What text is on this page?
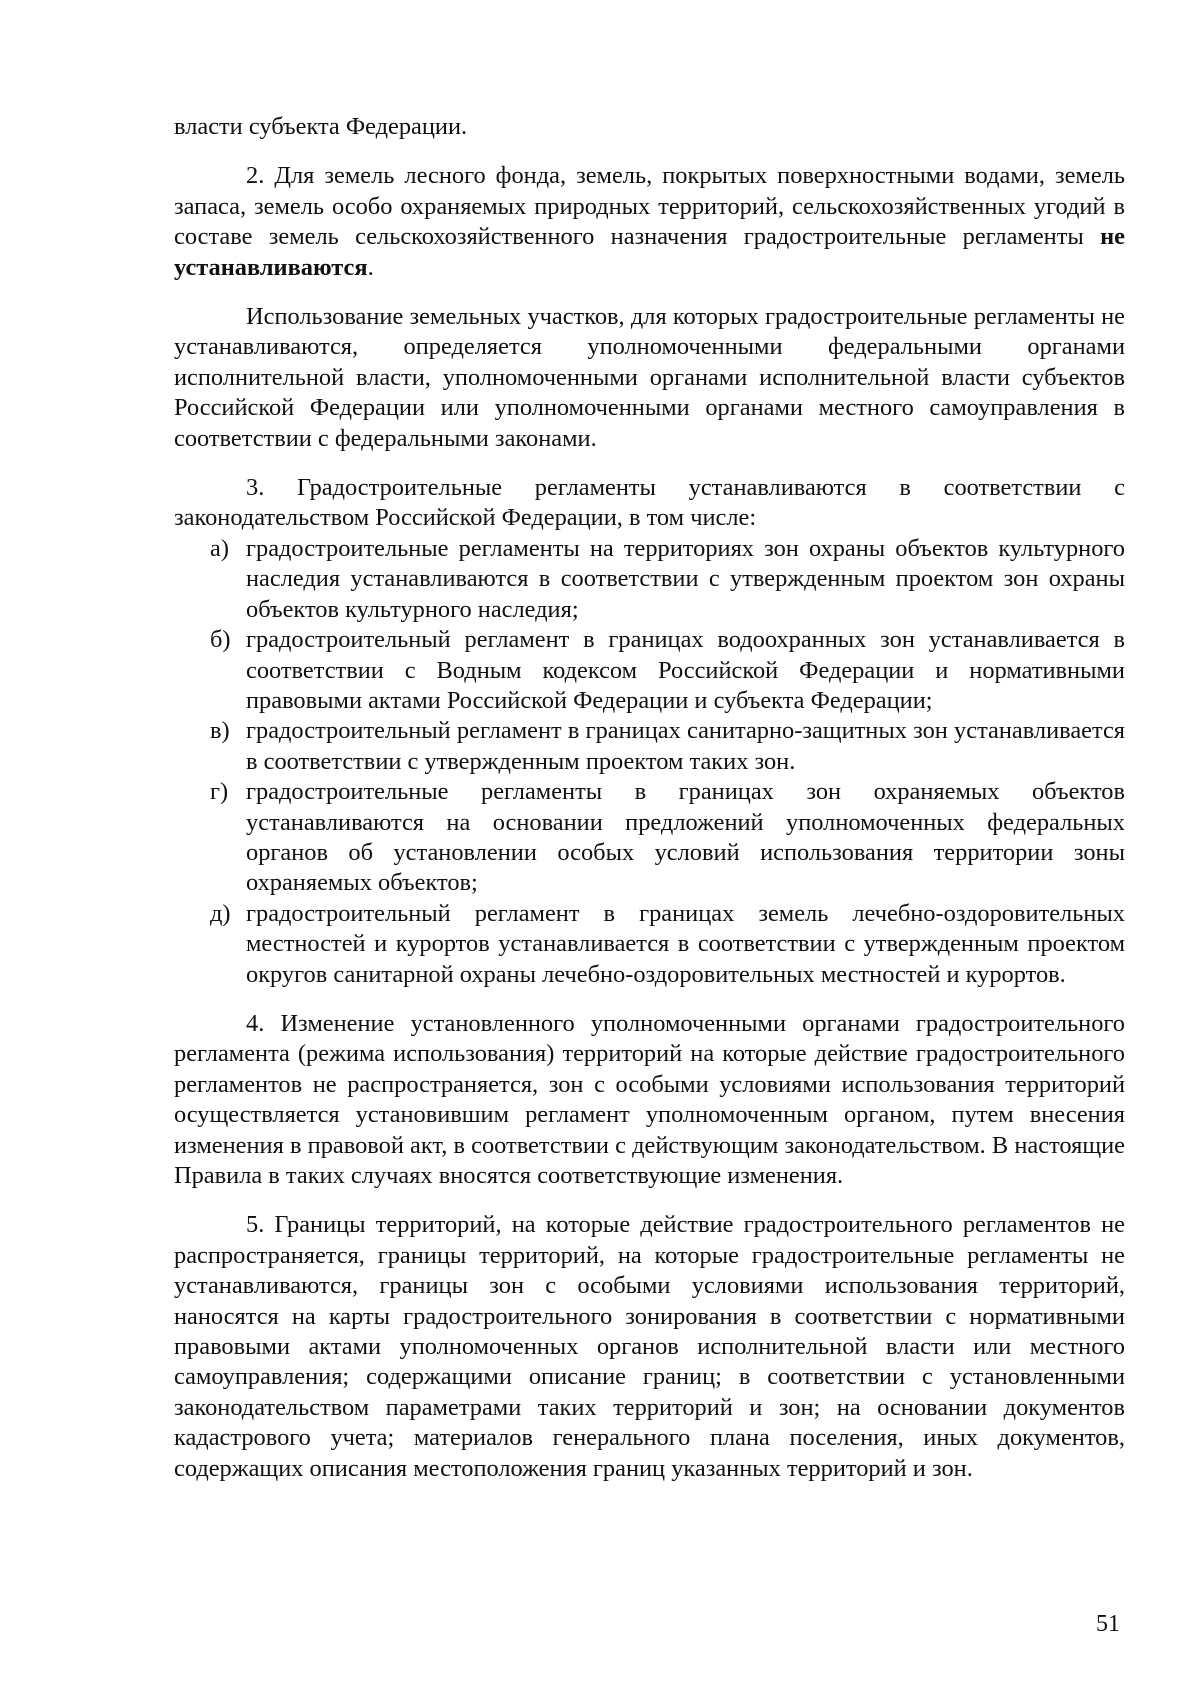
власти субъекта Федерации.

2. Для земель лесного фонда, земель, покрытых поверхностными водами, земель запаса, земель особо охраняемых природных территорий, сельскохозяйственных угодий в составе земель сельскохозяйственного назначения градостроительные регламенты не устанавливаются.

Использование земельных участков, для которых градостроительные регламенты не устанавливаются, определяется уполномоченными федеральными органами исполнительной власти, уполномоченными органами исполнительной власти субъектов Российской Федерации или уполномоченными органами местного самоуправления в соответствии с федеральными законами.

3. Градостроительные регламенты устанавливаются в соответствии с законодательством Российской Федерации, в том числе:

а) градостроительные регламенты на территориях зон охраны объектов культурного наследия устанавливаются в соответствии с утвержденным проектом зон охраны объектов культурного наследия;
б) градостроительный регламент в границах водоохранных зон устанавливается в соответствии с Водным кодексом Российской Федерации и нормативными правовыми актами Российской Федерации и субъекта Федерации;
в) градостроительный регламент в границах санитарно-защитных зон устанавливается в соответствии с утвержденным проектом таких зон.
г) градостроительные регламенты в границах зон охраняемых объектов устанавливаются на основании предложений уполномоченных федеральных органов об установлении особых условий использования территории зоны охраняемых объектов;
д) градостроительный регламент в границах земель лечебно-оздоровительных местностей и курортов устанавливается в соответствии с утвержденным проектом округов санитарной охраны лечебно-оздоровительных местностей и курортов.

4. Изменение установленного уполномоченными органами градостроительного регламента (режима использования) территорий на которые действие градостроительного регламентов не распространяется, зон с особыми условиями использования территорий осуществляется установившим регламент уполномоченным органом, путем внесения изменения в правовой акт, в соответствии с действующим законодательством. В настоящие Правила в таких случаях вносятся соответствующие изменения.

5. Границы территорий, на которые действие градостроительного регламентов не распространяется, границы территорий, на которые градостроительные регламенты не устанавливаются, границы зон с особыми условиями использования территорий, наносятся на карты градостроительного зонирования в соответствии с нормативными правовыми актами уполномоченных органов исполнительной власти или местного самоуправления; содержащими описание границ; в соответствии с установленными законодательством параметрами таких территорий и зон; на основании документов кадастрового учета; материалов генерального плана поселения, иных документов, содержащих описания местоположения границ указанных территорий и зон.

51
